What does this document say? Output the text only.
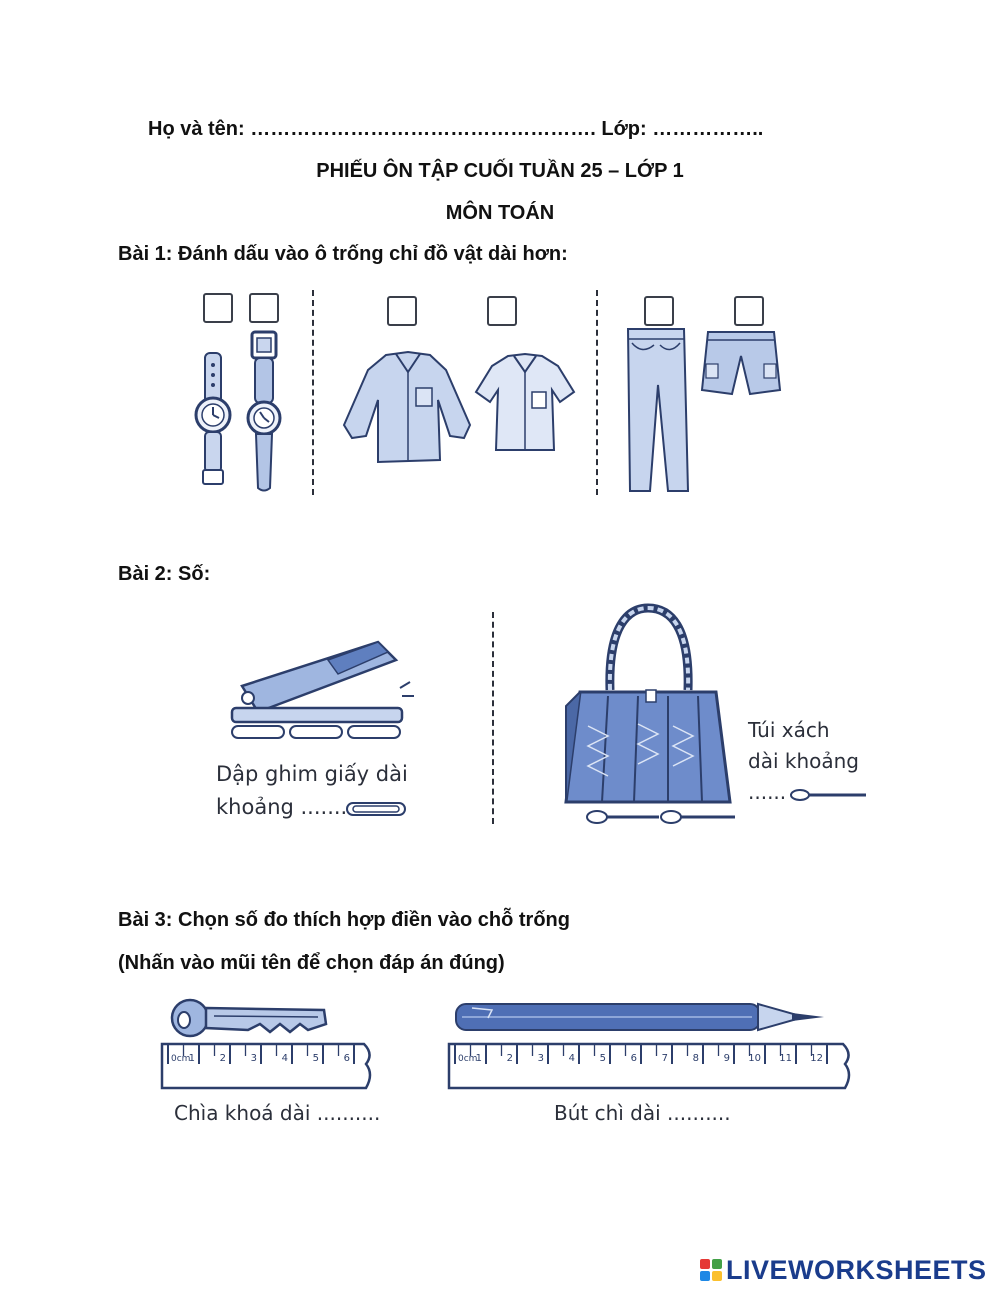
Họ và tên: ……………………………………………. Lớp: ……………..
PHIẾU ÔN TẬP CUỐI TUẦN 25 – LỚP 1
MÔN TOÁN
Bài 1: Đánh dấu vào ô trống chỉ đồ vật dài hơn:
Bài 2: Số:
Dập ghim giấy dài
khoảng .......
Túi xách
dài khoảng
......
Bài 3: Chọn số đo thích hợp điền vào chỗ trống
(Nhấn vào mũi tên để chọn đáp án đúng)
0cm
1 2 3 4 5 6	0cm
1 2 3 4 5 6 7 8 9 10 11 12
Chìa khoá dài ..........	Bút chì dài ..........
LIVEWORKSHEETS
